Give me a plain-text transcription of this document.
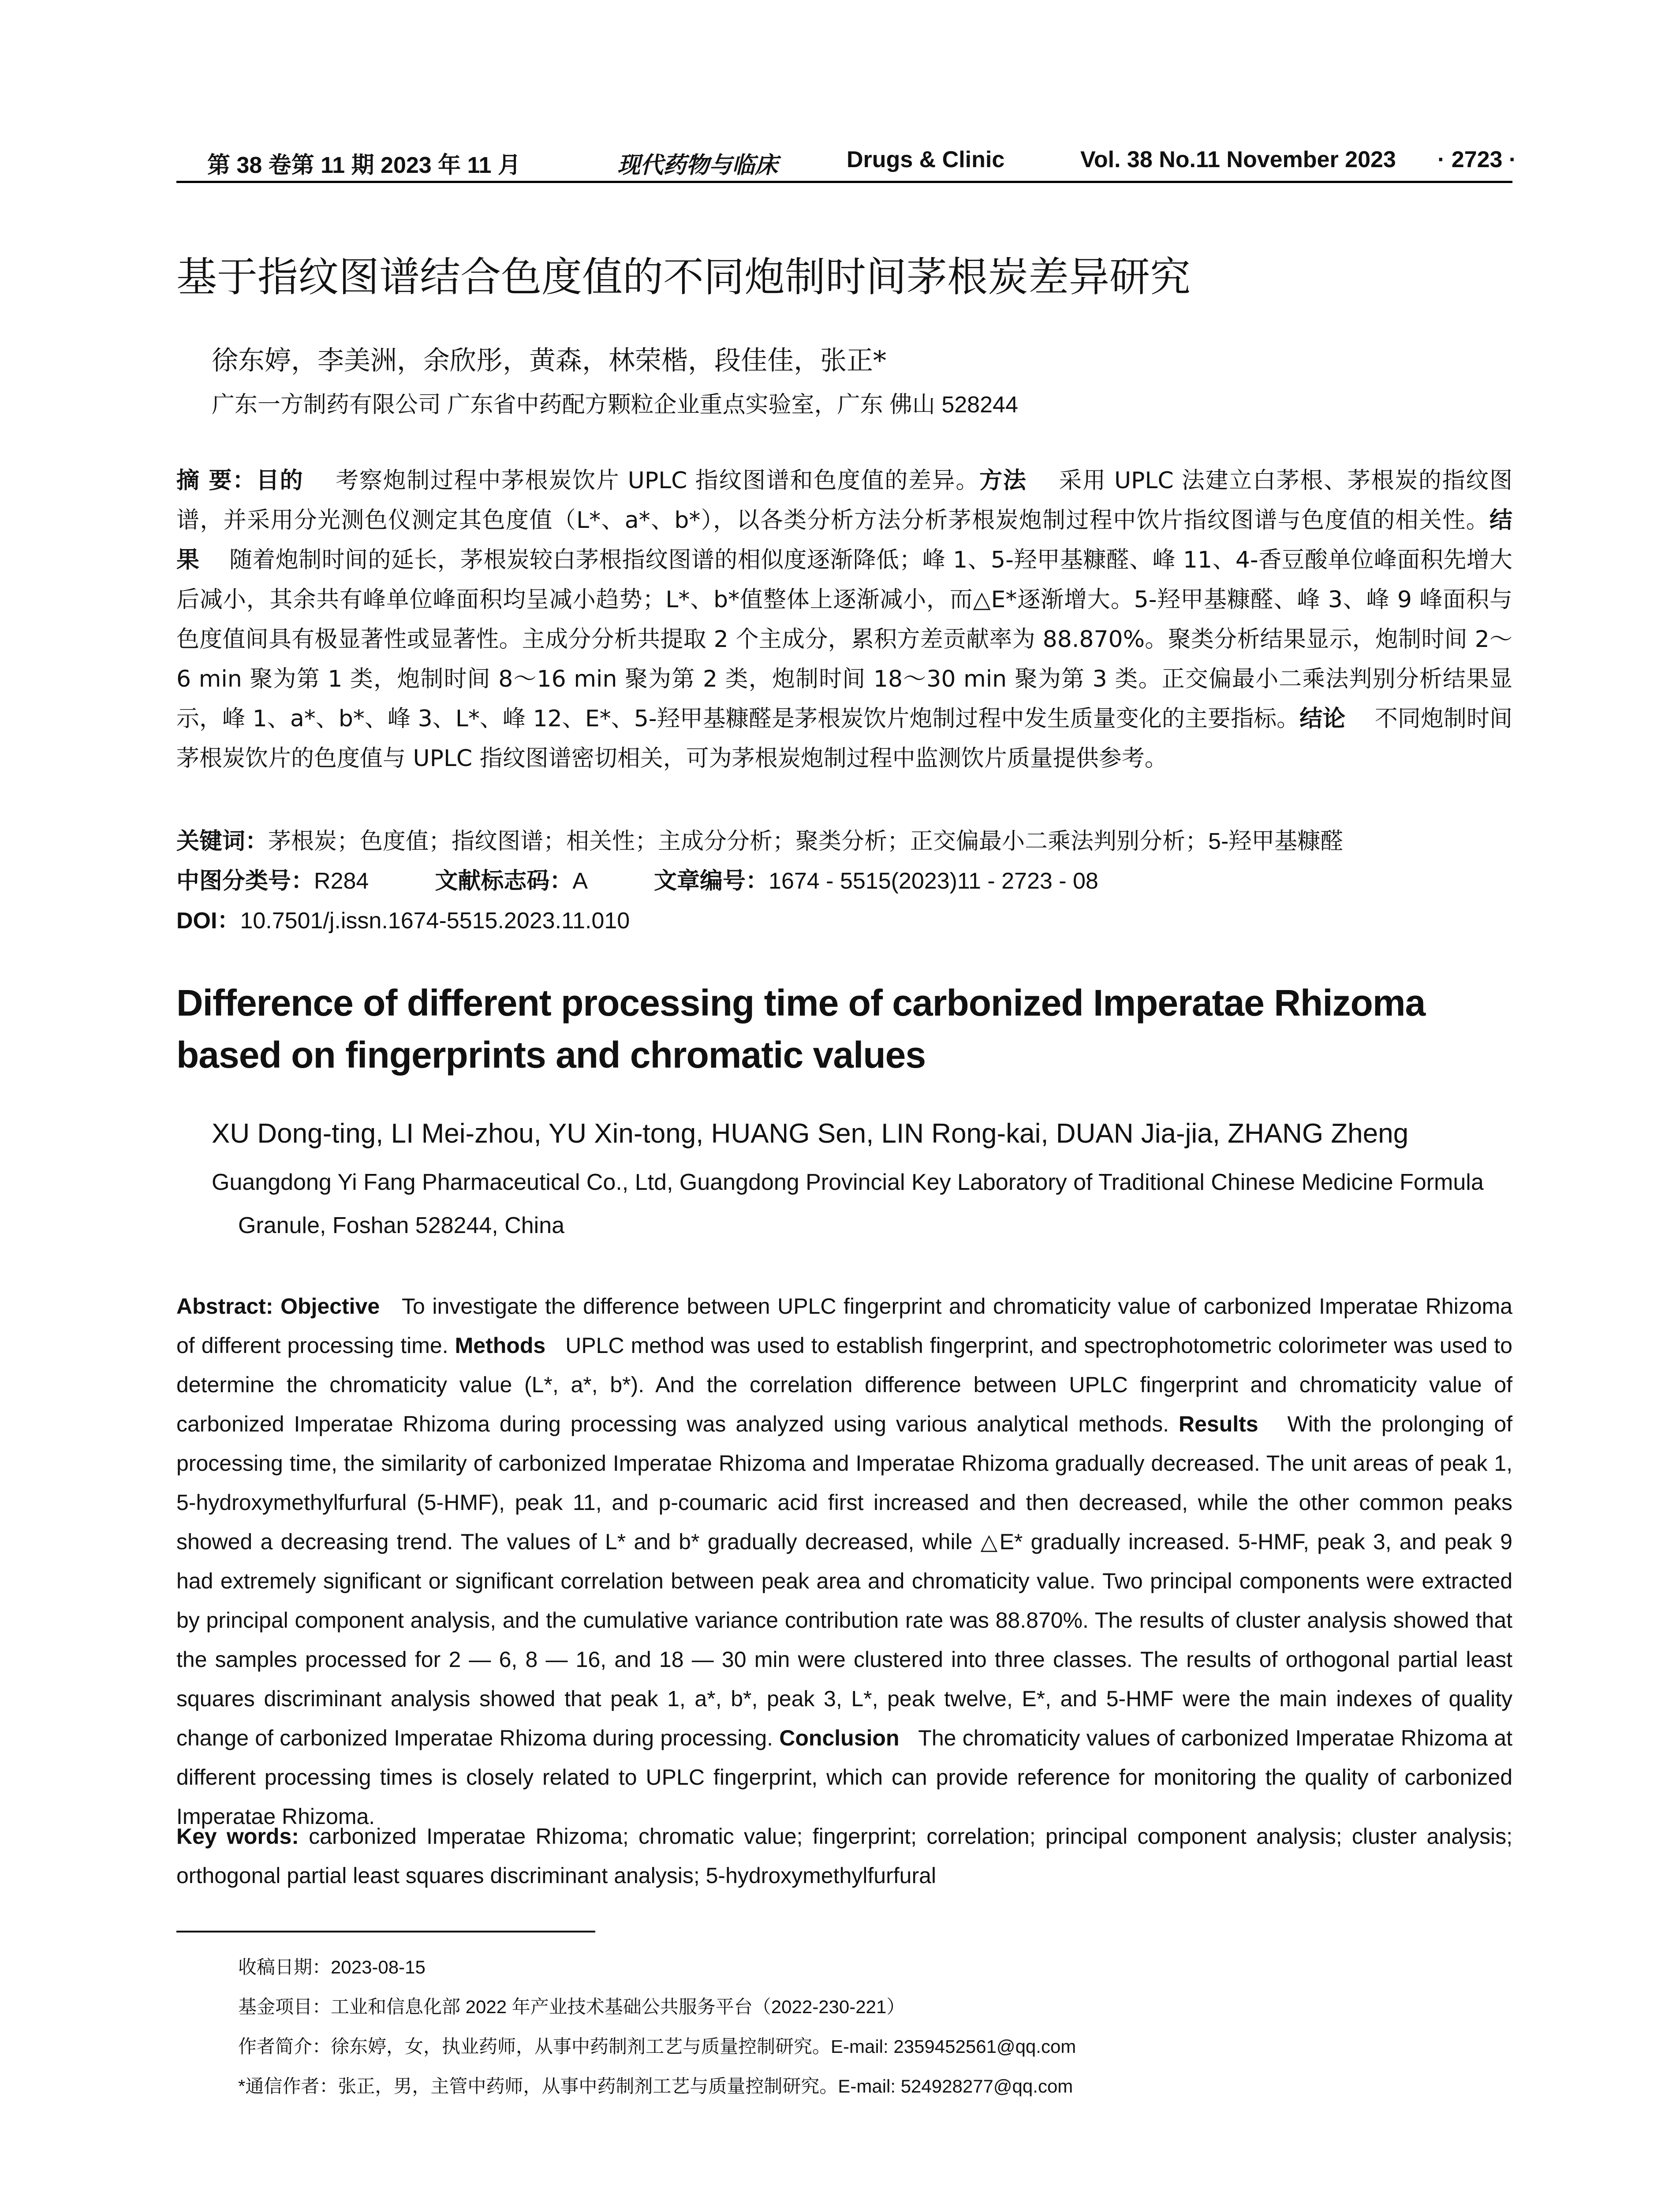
第 38 卷第 11 期 2023 年 11 月	现代药物与临床	Drugs & Clinic	Vol. 38 No.11 November 2023 · 2723 ·
基于指纹图谱结合色度值的不同炮制时间茅根炭差异研究
徐东婷，李美洲，余欣彤，黄森，林荣楷，段佳佳，张正*
广东一方制药有限公司 广东省中药配方颗粒企业重点实验室，广东 佛山 528244
摘 要：目的 考察炮制过程中茅根炭饮片 UPLC 指纹图谱和色度值的差异。方法 采用 UPLC 法建立白茅根、茅根炭的指纹图谱，并采用分光测色仪测定其色度值（L*、a*、b*），以各类分析方法分析茅根炭炮制过程中饮片指纹图谱与色度值的相关性。结果 随着炮制时间的延长，茅根炭较白茅根指纹图谱的相似度逐渐降低；峰 1、5-羟甲基糠醛、峰 11、4-香豆酸单位峰面积先增大后减小，其余共有峰单位峰面积均呈减小趋势；L*、b*值整体上逐渐减小，而△E*逐渐增大。5-羟甲基糠醛、峰 3、峰 9 峰面积与色度值间具有极显著性或显著性。主成分分析共提取 2 个主成分，累积方差贡献率为 88.870%。聚类分析结果显示，炮制时间 2～6 min 聚为第 1 类，炮制时间 8～16 min 聚为第 2 类，炮制时间 18～30 min 聚为第 3 类。正交偏最小二乘法判别分析结果显示，峰 1、a*、b*、峰 3、L*、峰 12、E*、5-羟甲基糠醛是茅根炭饮片炮制过程中发生质量变化的主要指标。结论 不同炮制时间茅根炭饮片的色度值与 UPLC 指纹图谱密切相关，可为茅根炭炮制过程中监测饮片质量提供参考。
关键词：茅根炭；色度值；指纹图谱；相关性；主成分分析；聚类分析；正交偏最小二乘法判别分析；5-羟甲基糠醛
中图分类号：R284	文献标志码：A	文章编号：1674 - 5515(2023)11 - 2723 - 08
DOI：10.7501/j.issn.1674-5515.2023.11.010
Difference of different processing time of carbonized Imperatae Rhizoma based on fingerprints and chromatic values
XU Dong-ting, LI Mei-zhou, YU Xin-tong, HUANG Sen, LIN Rong-kai, DUAN Jia-jia, ZHANG Zheng
Guangdong Yi Fang Pharmaceutical Co., Ltd, Guangdong Provincial Key Laboratory of Traditional Chinese Medicine Formula
Granule, Foshan 528244, China
Abstract: Objective To investigate the difference between UPLC fingerprint and chromaticity value of carbonized Imperatae Rhizoma of different processing time. Methods UPLC method was used to establish fingerprint, and spectrophotometric colorimeter was used to determine the chromaticity value (L*, a*, b*). And the correlation difference between UPLC fingerprint and chromaticity value of carbonized Imperatae Rhizoma during processing was analyzed using various analytical methods. Results With the prolonging of processing time, the similarity of carbonized Imperatae Rhizoma and Imperatae Rhizoma gradually decreased. The unit areas of peak 1, 5-hydroxymethylfurfural (5-HMF), peak 11, and p-coumaric acid first increased and then decreased, while the other common peaks showed a decreasing trend. The values of L* and b* gradually decreased, while △E* gradually increased. 5-HMF, peak 3, and peak 9 had extremely significant or significant correlation between peak area and chromaticity value. Two principal components were extracted by principal component analysis, and the cumulative variance contribution rate was 88.870%. The results of cluster analysis showed that the samples processed for 2 — 6, 8 — 16, and 18 — 30 min were clustered into three classes. The results of orthogonal partial least squares discriminant analysis showed that peak 1, a*, b*, peak 3, L*, peak twelve, E*, and 5-HMF were the main indexes of quality change of carbonized Imperatae Rhizoma during processing. Conclusion The chromaticity values of carbonized Imperatae Rhizoma at different processing times is closely related to UPLC fingerprint, which can provide reference for monitoring the quality of carbonized Imperatae Rhizoma.
Key words: carbonized Imperatae Rhizoma; chromatic value; fingerprint; correlation; principal component analysis; cluster analysis; orthogonal partial least squares discriminant analysis; 5-hydroxymethylfurfural
收稿日期：2023-08-15
基金项目：工业和信息化部 2022 年产业技术基础公共服务平台（2022-230-221）
作者简介：徐东婷，女，执业药师，从事中药制剂工艺与质量控制研究。E-mail: 2359452561@qq.com
*通信作者：张正，男，主管中药师，从事中药制剂工艺与质量控制研究。E-mail: 524928277@qq.com
